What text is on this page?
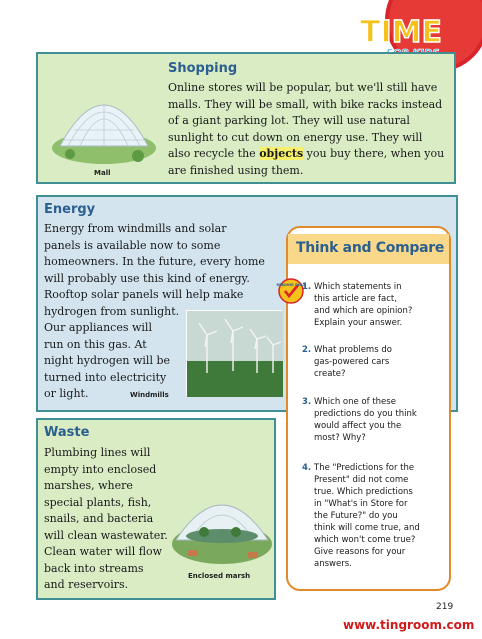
TIME
Mall
Shopping
Online stores will be popular, but we'll still have
malls. They will be small, with bike racks instead
of a giant parking lot. They will use natural
sunlight to cut down on energy use. They will
also recycle the objects you buy there, when you
are finished using them.
Energy
Energy from windmills and solar
panels is available now to some
homeowners. In the future, every home
will probably use this kind of energy.
Rooftop solar panels will help make
hydrogen from sunlight.
Our appliances will
run on this gas. At
night hydrogen will be
turned into electricity
or light.	Windmills
Waste
Plumbing lines will
empty into enclosed
marshes, where
special plants, fish,
snails, and bacteria
will clean wastewater.
Clean water will flow
back into streams
and reservoirs.
Enclosed marsh
Think and Compare
READING SKILL
1. Which statements in
this article are fact,
and which are opinion?
Explain your answer.
2. What problems do
gas-powered cars
create?
3. Which one of these
predictions do you think
would affect you the
most? Why?
4. The "Predictions for the
Present" did not come
true. Which predictions
in "What's in Store for
the Future?" do you
think will come true, and
which won't come true?
Give reasons for your
answers.
219
www.tingroom.com
